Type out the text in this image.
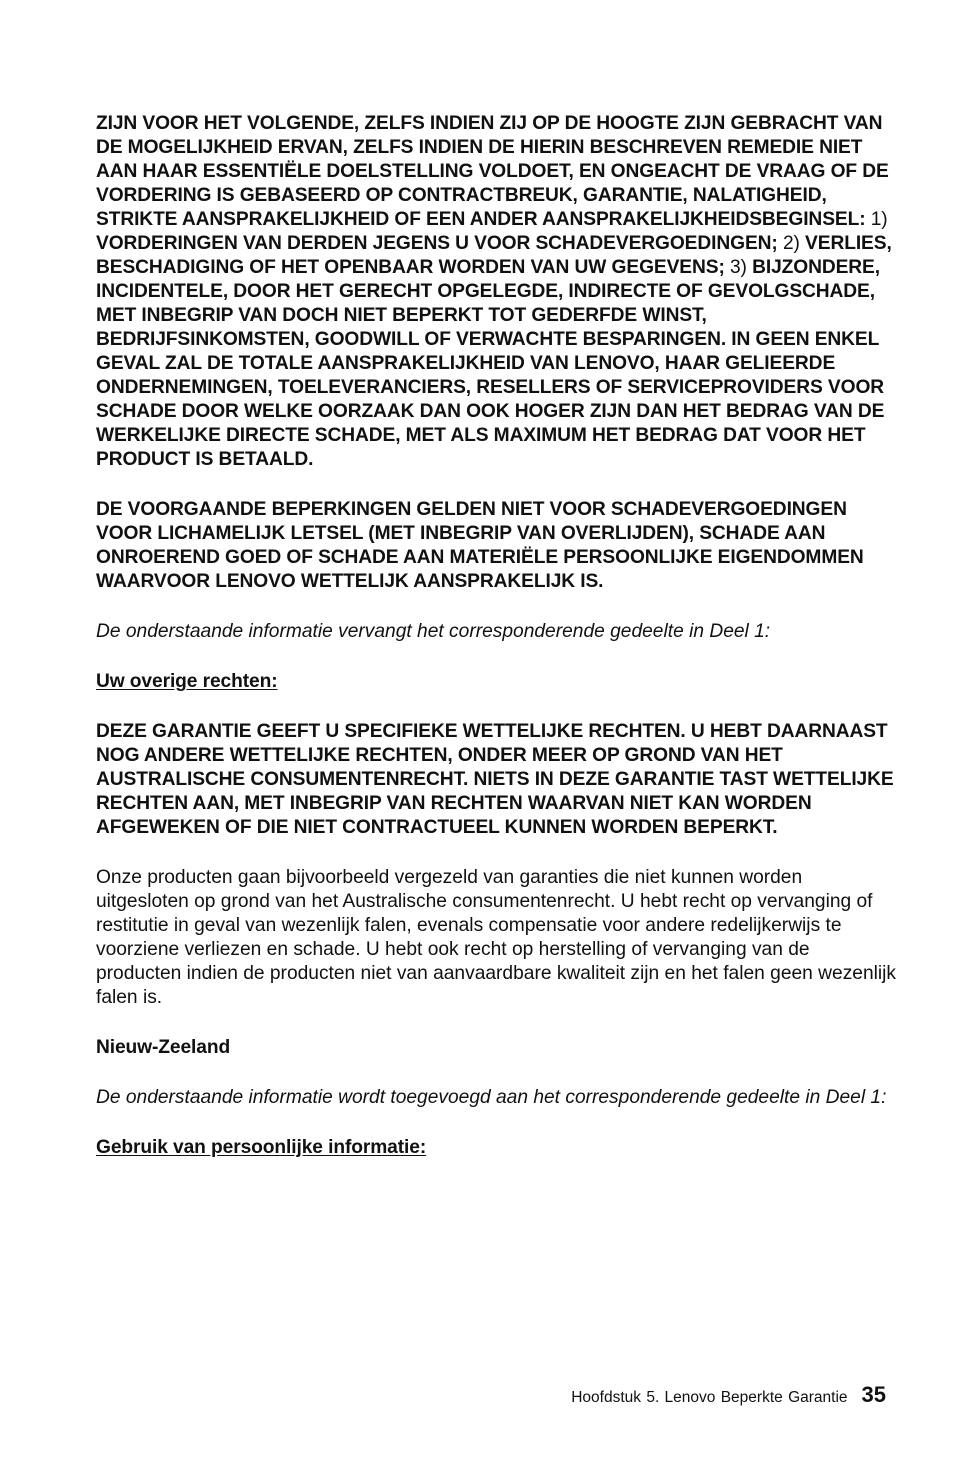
ZIJN VOOR HET VOLGENDE, ZELFS INDIEN ZIJ OP DE HOOGTE ZIJN GEBRACHT VAN DE MOGELIJKHEID ERVAN, ZELFS INDIEN DE HIERIN BESCHREVEN REMEDIE NIET AAN HAAR ESSENTIËLE DOELSTELLING VOLDOET, EN ONGEACHT DE VRAAG OF DE VORDERING IS GEBASEERD OP CONTRACTBREUK, GARANTIE, NALATIGHEID, STRIKTE AANSPRAKELIJKHEID OF EEN ANDER AANSPRAKELIJKHEIDSBEGINSEL: 1) VORDERINGEN VAN DERDEN JEGENS U VOOR SCHADEVERGOEDINGEN; 2) VERLIES, BESCHADIGING OF HET OPENBAAR WORDEN VAN UW GEGEVENS; 3) BIJZONDERE, INCIDENTELE, DOOR HET GERECHT OPGELEGDE, INDIRECTE OF GEVOLGSCHADE, MET INBEGRIP VAN DOCH NIET BEPERKT TOT GEDERFDE WINST, BEDRIJFSINKOMSTEN, GOODWILL OF VERWACHTE BESPARINGEN. IN GEEN ENKEL GEVAL ZAL DE TOTALE AANSPRAKELIJKHEID VAN LENOVO, HAAR GELIEERDE ONDERNEMINGEN, TOELEVERANCIERS, RESELLERS OF SERVICEPROVIDERS VOOR SCHADE DOOR WELKE OORZAAK DAN OOK HOGER ZIJN DAN HET BEDRAG VAN DE WERKELIJKE DIRECTE SCHADE, MET ALS MAXIMUM HET BEDRAG DAT VOOR HET PRODUCT IS BETAALD.

DE VOORGAANDE BEPERKINGEN GELDEN NIET VOOR SCHADEVERGOEDINGEN VOOR LICHAMELIJK LETSEL (MET INBEGRIP VAN OVERLIJDEN), SCHADE AAN ONROEREND GOED OF SCHADE AAN MATERIËLE PERSOONLIJKE EIGENDOMMEN WAARVOOR LENOVO WETTELIJK AANSPRAKELIJK IS.

De onderstaande informatie vervangt het corresponderende gedeelte in Deel 1:

Uw overige rechten:

DEZE GARANTIE GEEFT U SPECIFIEKE WETTELIJKE RECHTEN. U HEBT DAARNAAST NOG ANDERE WETTELIJKE RECHTEN, ONDER MEER OP GROND VAN HET AUSTRALISCHE CONSUMENTENRECHT. NIETS IN DEZE GARANTIE TAST WETTELIJKE RECHTEN AAN, MET INBEGRIP VAN RECHTEN WAARVAN NIET KAN WORDEN AFGEWEKEN OF DIE NIET CONTRACTUEEL KUNNEN WORDEN BEPERKT.

Onze producten gaan bijvoorbeeld vergezeld van garanties die niet kunnen worden uitgesloten op grond van het Australische consumentenrecht. U hebt recht op vervanging of restitutie in geval van wezenlijk falen, evenals compensatie voor andere redelijkerwijs te voorziene verliezen en schade. U hebt ook recht op herstelling of vervanging van de producten indien de producten niet van aanvaardbare kwaliteit zijn en het falen geen wezenlijk falen is.

Nieuw-Zeeland

De onderstaande informatie wordt toegevoegd aan het corresponderende gedeelte in Deel 1:

Gebruik van persoonlijke informatie:

Hoofdstuk 5. Lenovo Beperkte Garantie 35
